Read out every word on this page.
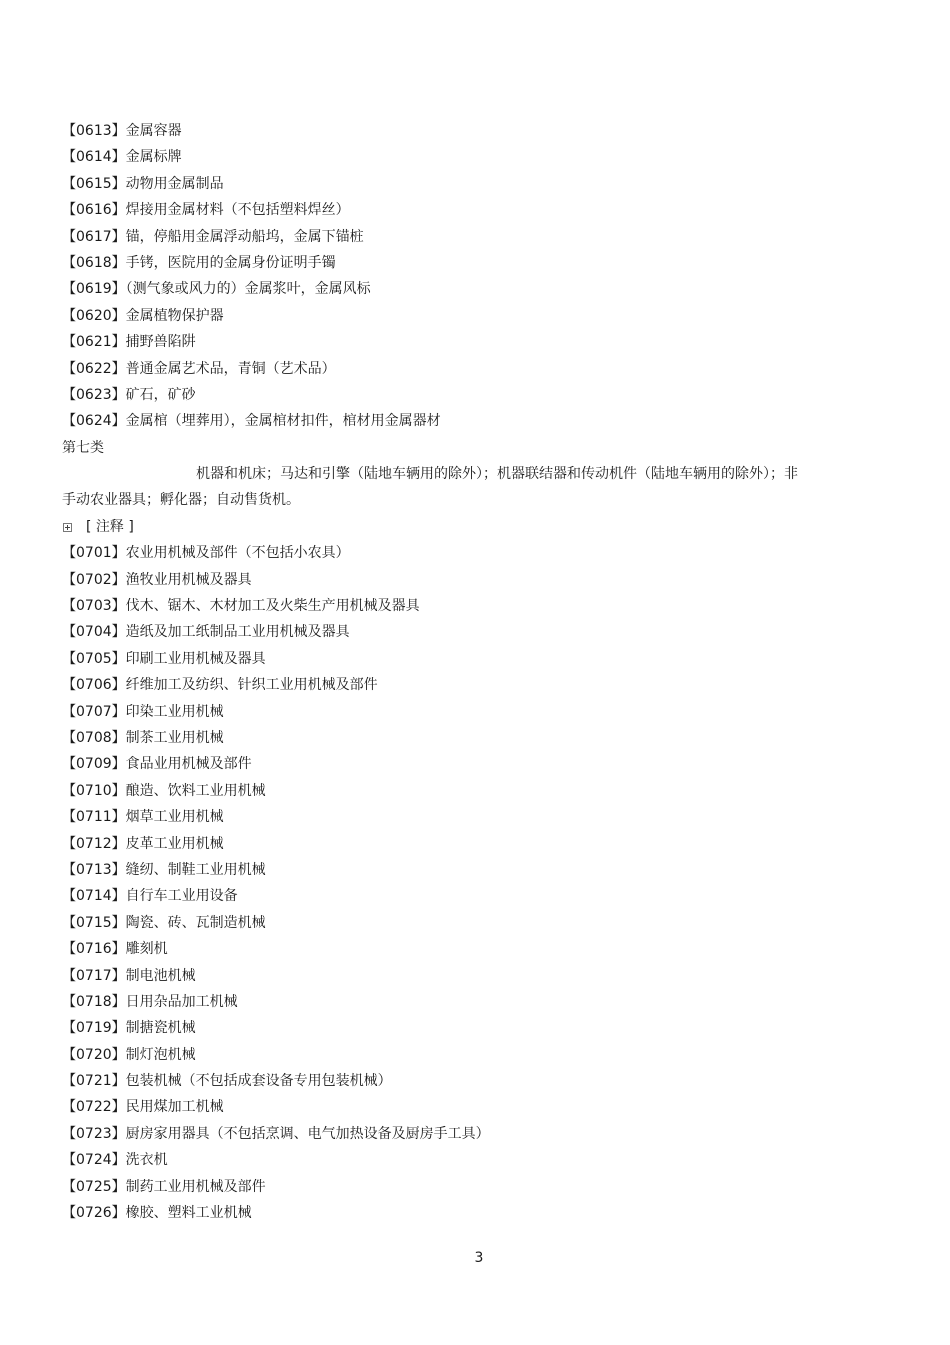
【0613】金属容器
【0614】金属标牌
【0615】动物用金属制品
【0616】焊接用金属材料（不包括塑料焊丝）
【0617】锚，停船用金属浮动船坞，金属下锚桩
【0618】手铐，医院用的金属身份证明手镯
【0619】（测气象或风力的）金属浆叶，金属风标
【0620】金属植物保护器
【0621】捕野兽陷阱
【0622】普通金属艺术品，青铜（艺术品）
【0623】矿石，矿砂
【0624】金属棺（埋葬用），金属棺材扣件，棺材用金属器材
第七类
机器和机床；马达和引擎（陆地车辆用的除外）；机器联结器和传动机件（陆地车辆用的除外）；非手动农业器具；孵化器；自动售货机。
[ 注释 ]
【0701】农业用机械及部件（不包括小农具）
【0702】渔牧业用机械及器具
【0703】伐木、锯木、木材加工及火柴生产用机械及器具
【0704】造纸及加工纸制品工业用机械及器具
【0705】印刷工业用机械及器具
【0706】纤维加工及纺织、针织工业用机械及部件
【0707】印染工业用机械
【0708】制茶工业用机械
【0709】食品业用机械及部件
【0710】酿造、饮料工业用机械
【0711】烟草工业用机械
【0712】皮革工业用机械
【0713】缝纫、制鞋工业用机械
【0714】自行车工业用设备
【0715】陶瓷、砖、瓦制造机械
【0716】雕刻机
【0717】制电池机械
【0718】日用杂品加工机械
【0719】制搪瓷机械
【0720】制灯泡机械
【0721】包装机械（不包括成套设备专用包装机械）
【0722】民用煤加工机械
【0723】厨房家用器具（不包括烹调、电气加热设备及厨房手工具）
【0724】洗衣机
【0725】制药工业用机械及部件
【0726】橡胶、塑料工业机械
3
